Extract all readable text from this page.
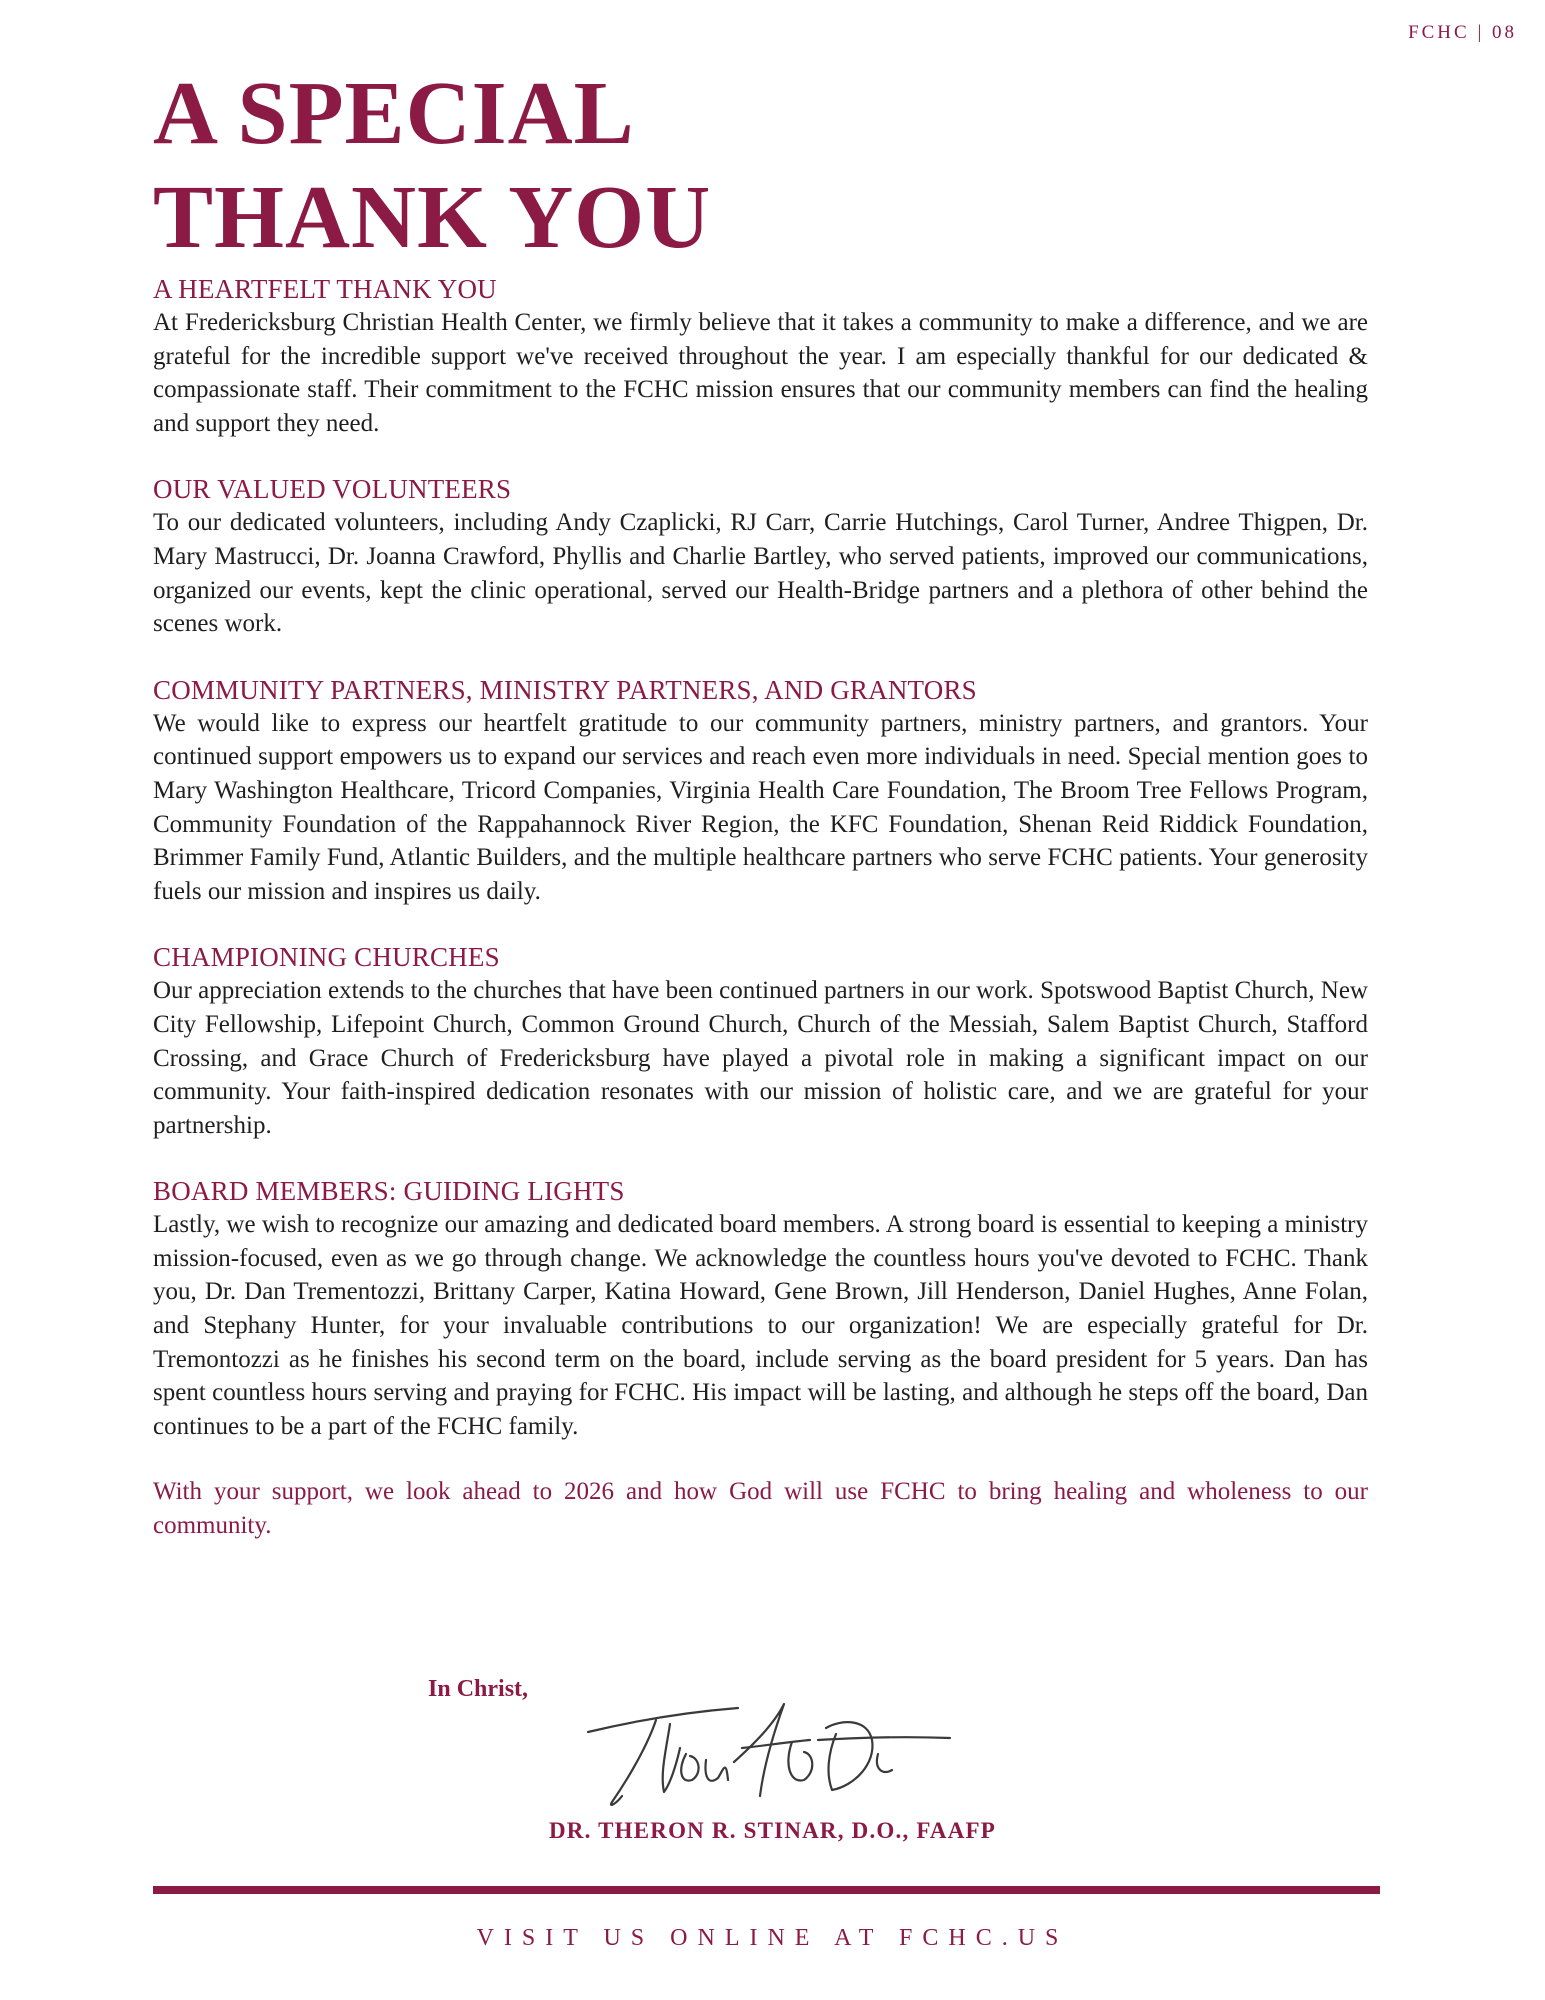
FCHC | 08
A SPECIAL
THANK YOU
A HEARTFELT THANK YOU

At Fredericksburg Christian Health Center, we firmly believe that it takes a community to make a difference, and we are grateful for the incredible support we've received throughout the year. I am especially thankful for our dedicated & compassionate staff. Their commitment to the FCHC mission ensures that our community members can find the healing and support they need.

OUR VALUED VOLUNTEERS

To our dedicated volunteers, including Andy Czaplicki, RJ Carr, Carrie Hutchings, Carol Turner, Andree Thigpen, Dr. Mary Mastrucci, Dr. Joanna Crawford, Phyllis and Charlie Bartley, who served patients, improved our communications, organized our events, kept the clinic operational, served our Health-Bridge partners and a plethora of other behind the scenes work.

COMMUNITY PARTNERS, MINISTRY PARTNERS, AND GRANTORS

We would like to express our heartfelt gratitude to our community partners, ministry partners, and grantors. Your continued support empowers us to expand our services and reach even more individuals in need. Special mention goes to Mary Washington Healthcare, Tricord Companies, Virginia Health Care Foundation, The Broom Tree Fellows Program, Community Foundation of the Rappahannock River Region, the KFC Foundation, Shenan Reid Riddick Foundation, Brimmer Family Fund, Atlantic Builders, and the multiple healthcare partners who serve FCHC patients. Your generosity fuels our mission and inspires us daily.

CHAMPIONING CHURCHES

Our appreciation extends to the churches that have been continued partners in our work. Spotswood Baptist Church, New City Fellowship, Lifepoint Church, Common Ground Church, Church of the Messiah, Salem Baptist Church, Stafford Crossing, and Grace Church of Fredericksburg have played a pivotal role in making a significant impact on our community. Your faith-inspired dedication resonates with our mission of holistic care, and we are grateful for your partnership.

BOARD MEMBERS: GUIDING LIGHTS

Lastly, we wish to recognize our amazing and dedicated board members. A strong board is essential to keeping a ministry mission-focused, even as we go through change. We acknowledge the countless hours you've devoted to FCHC. Thank you, Dr. Dan Trementozzi, Brittany Carper, Katina Howard, Gene Brown, Jill Henderson, Daniel Hughes, Anne Folan, and Stephany Hunter, for your invaluable contributions to our organization! We are especially grateful for Dr. Tremontozzi as he finishes his second term on the board, include serving as the board president for 5 years. Dan has spent countless hours serving and praying for FCHC. His impact will be lasting, and although he steps off the board, Dan continues to be a part of the FCHC family.

With your support, we look ahead to 2026 and how God will use FCHC to bring healing and wholeness to our community.

In Christ,
DR. THERON R. STINAR, D.O., FAAFP
VISIT US ONLINE AT FCHC.US
